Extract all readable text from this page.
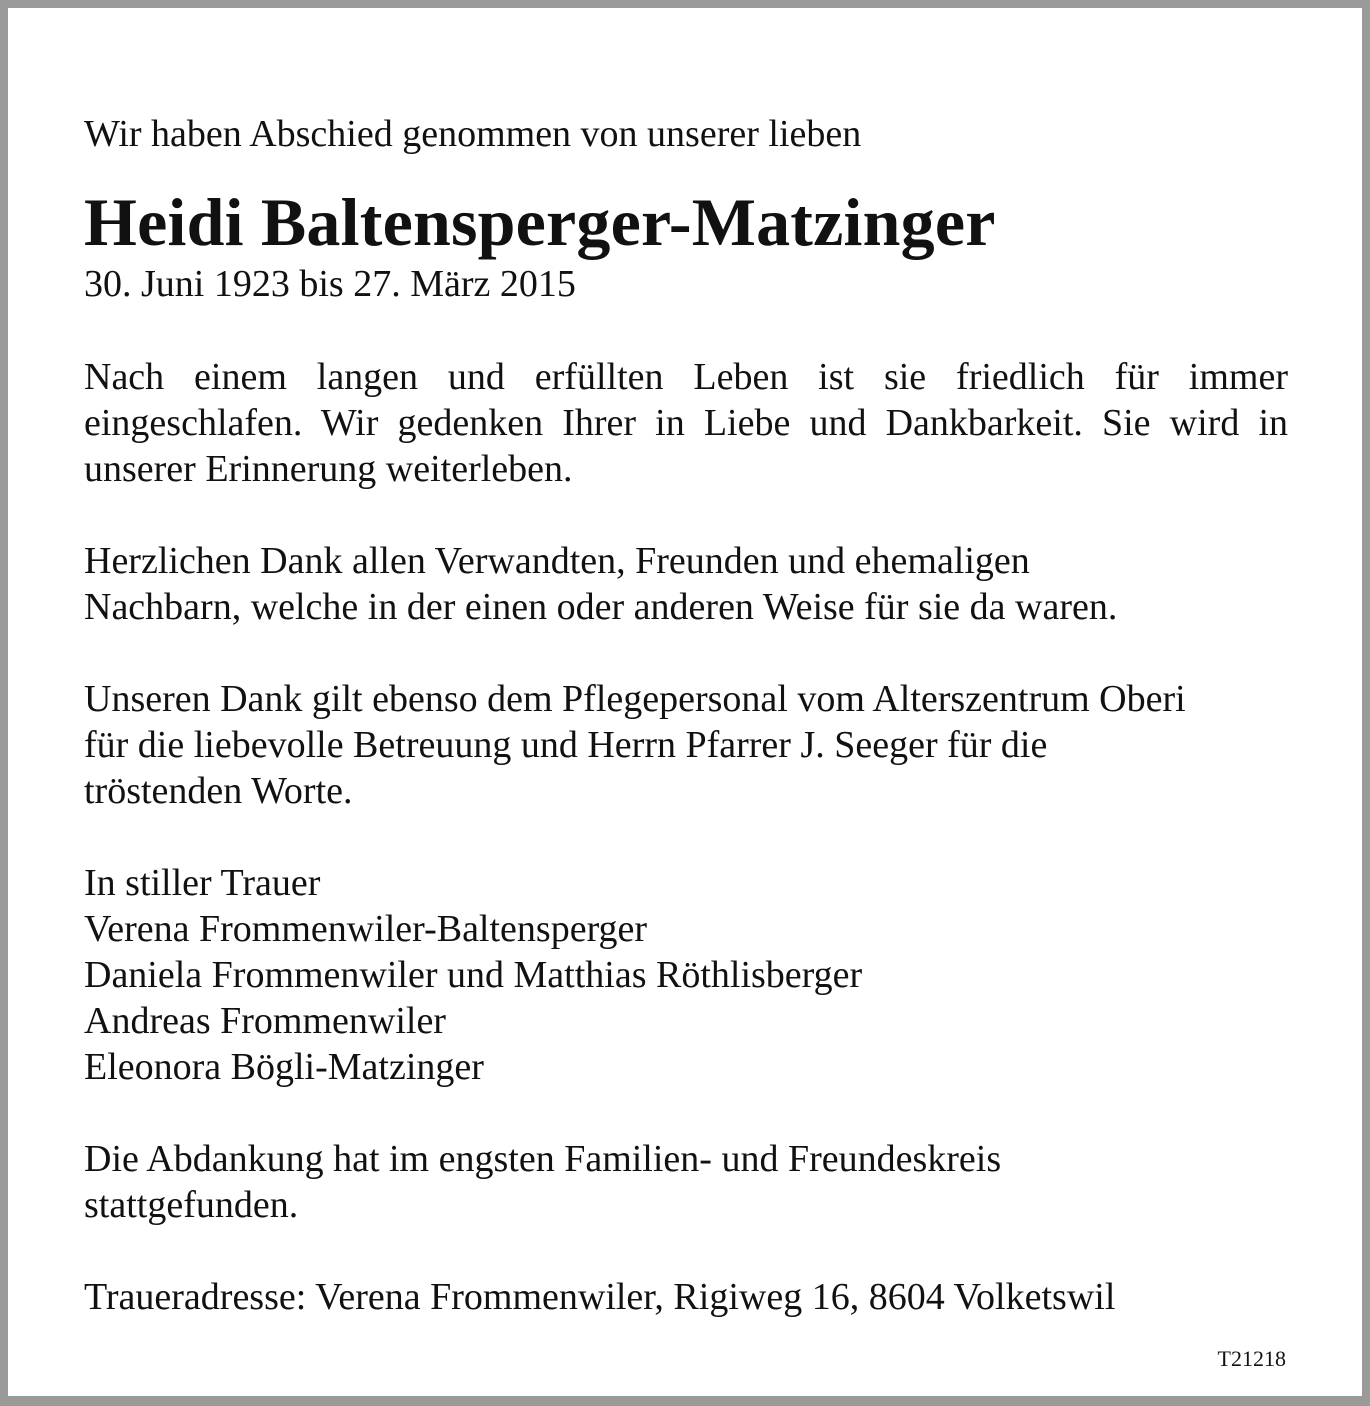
Wir haben Abschied genommen von unserer lieben

Heidi Baltensperger-Matzinger

30. Juni 1923 bis 27. März 2015

Nach einem langen und erfüllten Leben ist sie friedlich für immer eingeschlafen. Wir gedenken Ihrer in Liebe und Dankbarkeit. Sie wird in unserer Erinnerung weiterleben.

Herzlichen Dank allen Verwandten, Freunden und ehemaligen

Nachbarn, welche in der einen oder anderen Weise für sie da waren.

Unseren Dank gilt ebenso dem Pflegepersonal vom Alterszentrum Oberi

für die liebevolle Betreuung und Herrn Pfarrer J. Seeger für die

tröstenden Worte.

In stiller Trauer

Verena Frommenwiler-Baltensperger

Daniela Frommenwiler und Matthias Röthlisberger

Andreas Frommenwiler

Eleonora Bögli-Matzinger

Die Abdankung hat im engsten Familien- und Freundeskreis

stattgefunden.

Traueradresse: Verena Frommenwiler, Rigiweg 16, 8604 Volketswil

T21218
